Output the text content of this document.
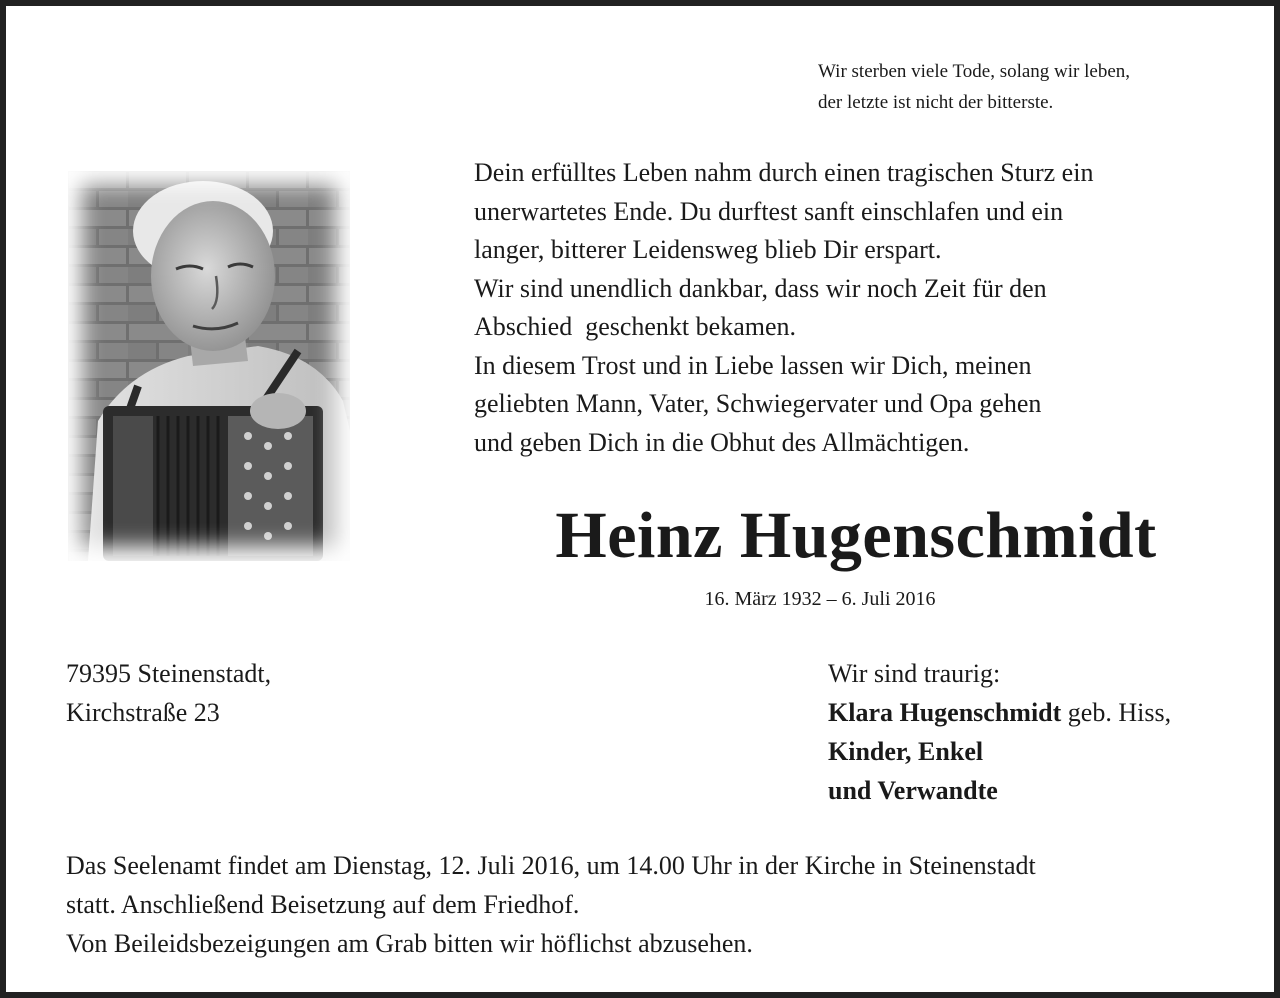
Wir sterben viele Tode, solang wir leben,
der letzte ist nicht der bitterste.
Dein erfülltes Leben nahm durch einen tragischen Sturz ein
unerwartetes Ende. Du durftest sanft einschlafen und ein
langer, bitterer Leidensweg blieb Dir erspart.
Wir sind unendlich dankbar, dass wir noch Zeit für den
Abschied  geschenkt bekamen.
In diesem Trost und in Liebe lassen wir Dich, meinen
geliebten Mann, Vater, Schwiegervater und Opa gehen
und geben Dich in die Obhut des Allmächtigen.
Heinz Hugenschmidt
16. März 1932 – 6. Juli 2016
79395 Steinenstadt,
Kirchstraße 23
Wir sind traurig:
Klara Hugenschmidt geb. Hiss,
Kinder, Enkel
und Verwandte
Das Seelenamt findet am Dienstag, 12. Juli 2016, um 14.00 Uhr in der Kirche in Steinenstadt
statt. Anschließend Beisetzung auf dem Friedhof.
Von Beileidsbezeigungen am Grab bitten wir höflichst abzusehen.
